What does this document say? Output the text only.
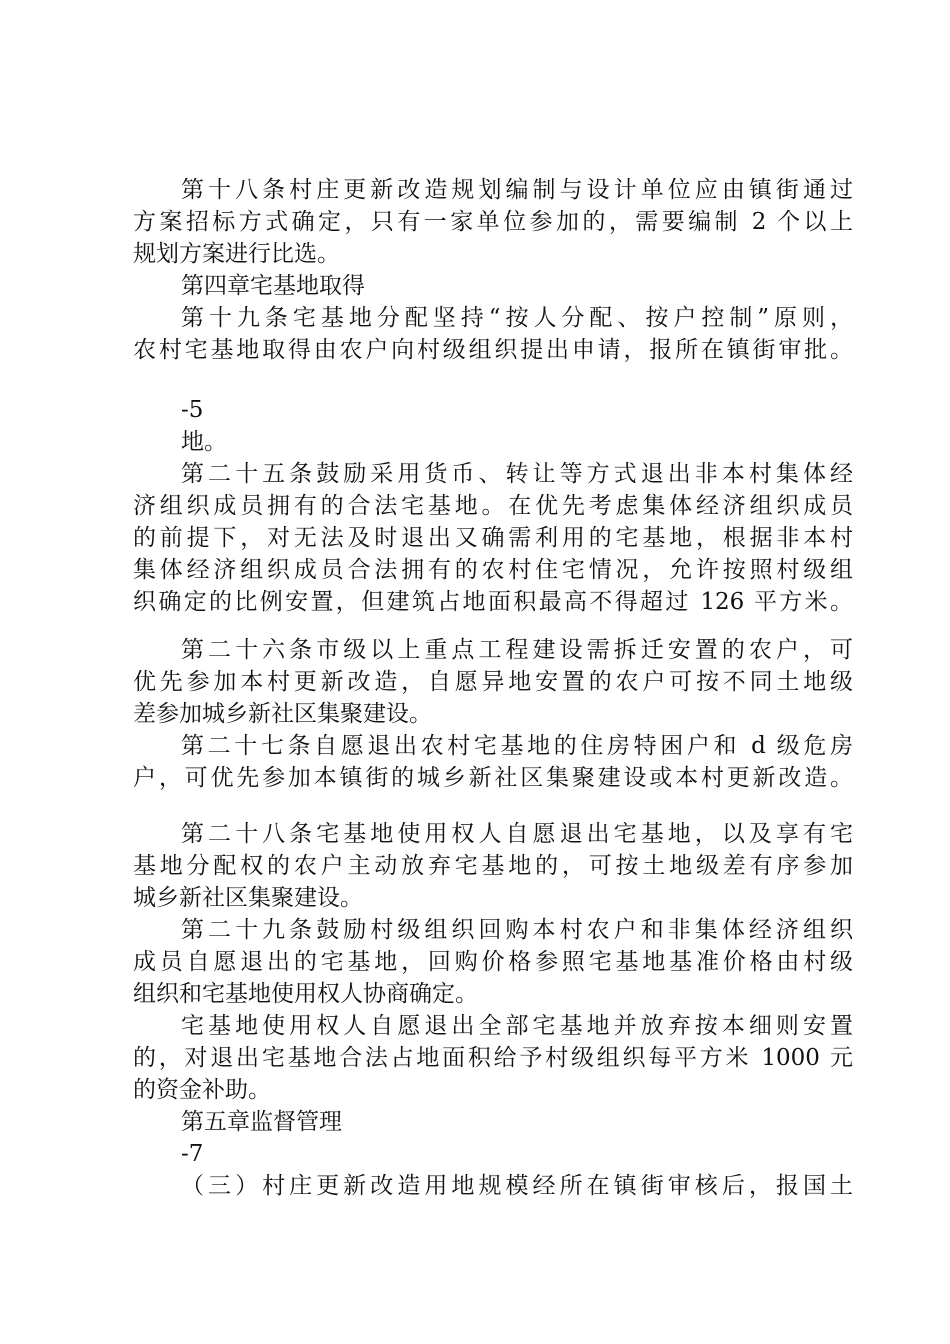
第十八条村庄更新改造规划编制与设计单位应由镇街通过
方案招标方式确定，只有一家单位参加的，需要编制 2 个以上
规划方案进行比选。
第四章宅基地取得
第十九条宅基地分配坚持“按人分配、按户控制”原则，
农村宅基地取得由农户向村级组织提出申请，报所在镇街审批。
-5
地。
第二十五条鼓励采用货币、转让等方式退出非本村集体经
济组织成员拥有的合法宅基地。在优先考虑集体经济组织成员
的前提下，对无法及时退出又确需利用的宅基地，根据非本村
集体经济组织成员合法拥有的农村住宅情况，允许按照村级组
织确定的比例安置，但建筑占地面积最高不得超过 126 平方米。
第二十六条市级以上重点工程建设需拆迁安置的农户，可
优先参加本村更新改造，自愿异地安置的农户可按不同土地级
差参加城乡新社区集聚建设。
第二十七条自愿退出农村宅基地的住房特困户和 d 级危房
户，可优先参加本镇街的城乡新社区集聚建设或本村更新改造。
第二十八条宅基地使用权人自愿退出宅基地，以及享有宅
基地分配权的农户主动放弃宅基地的，可按土地级差有序参加
城乡新社区集聚建设。
第二十九条鼓励村级组织回购本村农户和非集体经济组织
成员自愿退出的宅基地，回购价格参照宅基地基准价格由村级
组织和宅基地使用权人协商确定。
宅基地使用权人自愿退出全部宅基地并放弃按本细则安置
的，对退出宅基地合法占地面积给予村级组织每平方米 1000 元
的资金补助。
第五章监督管理
-7
（三）村庄更新改造用地规模经所在镇街审核后，报国土
